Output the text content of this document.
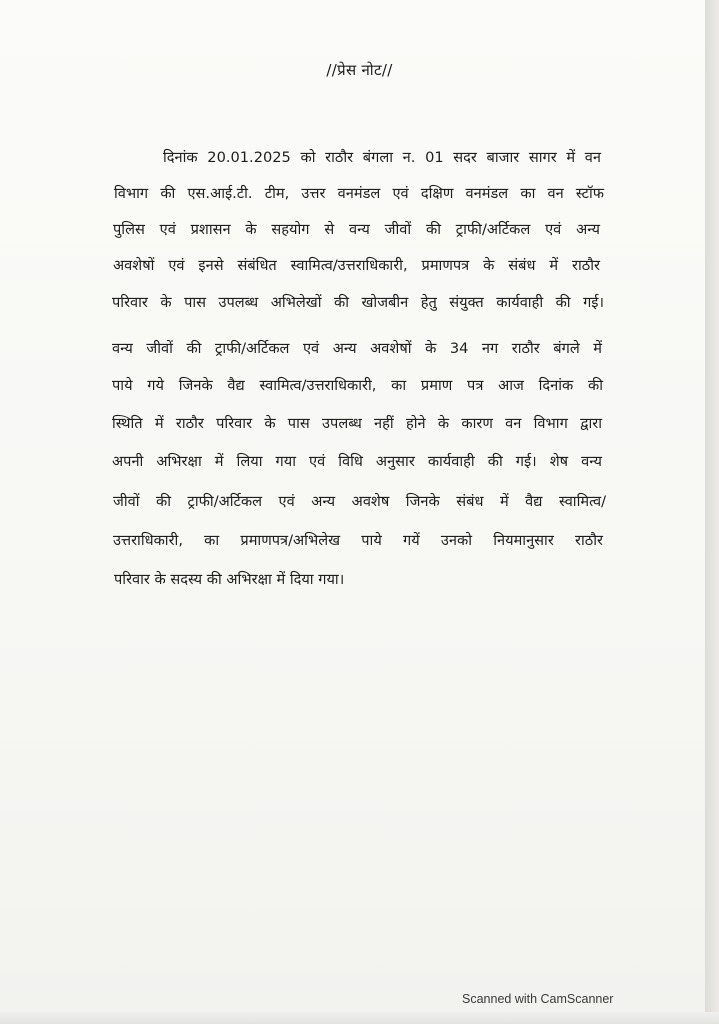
//प्रेस नोट//
दिनांक 20.01.2025 को राठौर बंगला न. 01 सदर बाजार सागर में वन
विभाग की एस.आई.टी. टीम, उत्तर वनमंडल एवं दक्षिण वनमंडल का वन स्टॉफ
पुलिस एवं प्रशासन के सहयोग से वन्य जीवों की ट्राफी/अर्टिकल एवं अन्य
अवशेषों एवं इनसे संबंधित स्वामित्व/उत्तराधिकारी, प्रमाणपत्र के संबंध में राठौर
परिवार के पास उपलब्ध अभिलेखों की खोजबीन हेतु संयुक्त कार्यवाही की गई।
वन्य जीवों की ट्राफी/अर्टिकल एवं अन्य अवशेषों के 34 नग राठौर बंगले में
पाये गये जिनके वैद्य स्वामित्व/उत्तराधिकारी, का प्रमाण पत्र आज दिनांक की
स्थिति में राठौर परिवार के पास उपलब्ध नहीं होने के कारण वन विभाग द्वारा
अपनी अभिरक्षा में लिया गया एवं विधि अनुसार कार्यवाही की गई। शेष वन्य
जीवों की ट्राफी/अर्टिकल एवं अन्य अवशेष जिनके संबंध में वैद्य स्वामित्व/
उत्तराधिकारी, का प्रमाणपत्र/अभिलेख पाये गयें उनको नियमानुसार राठौर
परिवार के सदस्य की अभिरक्षा में दिया गया।
Scanned with CamScanner
